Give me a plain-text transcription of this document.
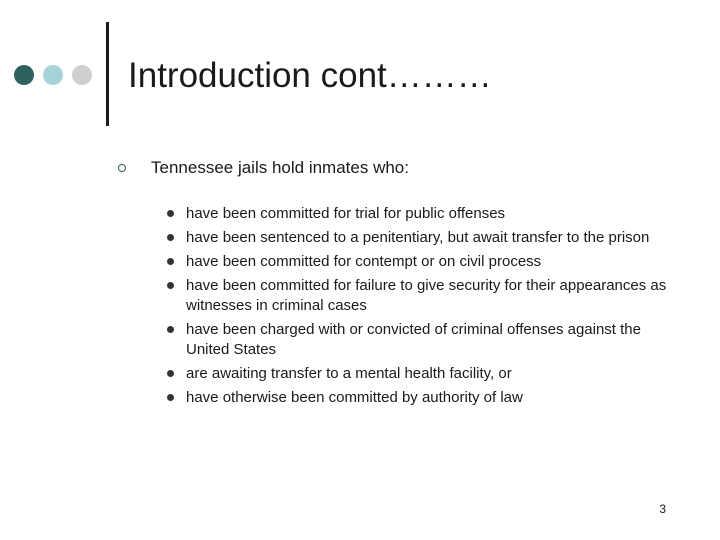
Introduction cont………
Tennessee jails hold inmates who:
have been committed for trial for public offenses
have been sentenced to a penitentiary, but await transfer to the prison
have been committed for contempt or on civil process
have been committed for failure to give security for their appearances as witnesses in criminal cases
have been charged with or convicted of criminal offenses against the United States
are awaiting transfer to a mental health facility, or
have otherwise been committed by authority of law
3
